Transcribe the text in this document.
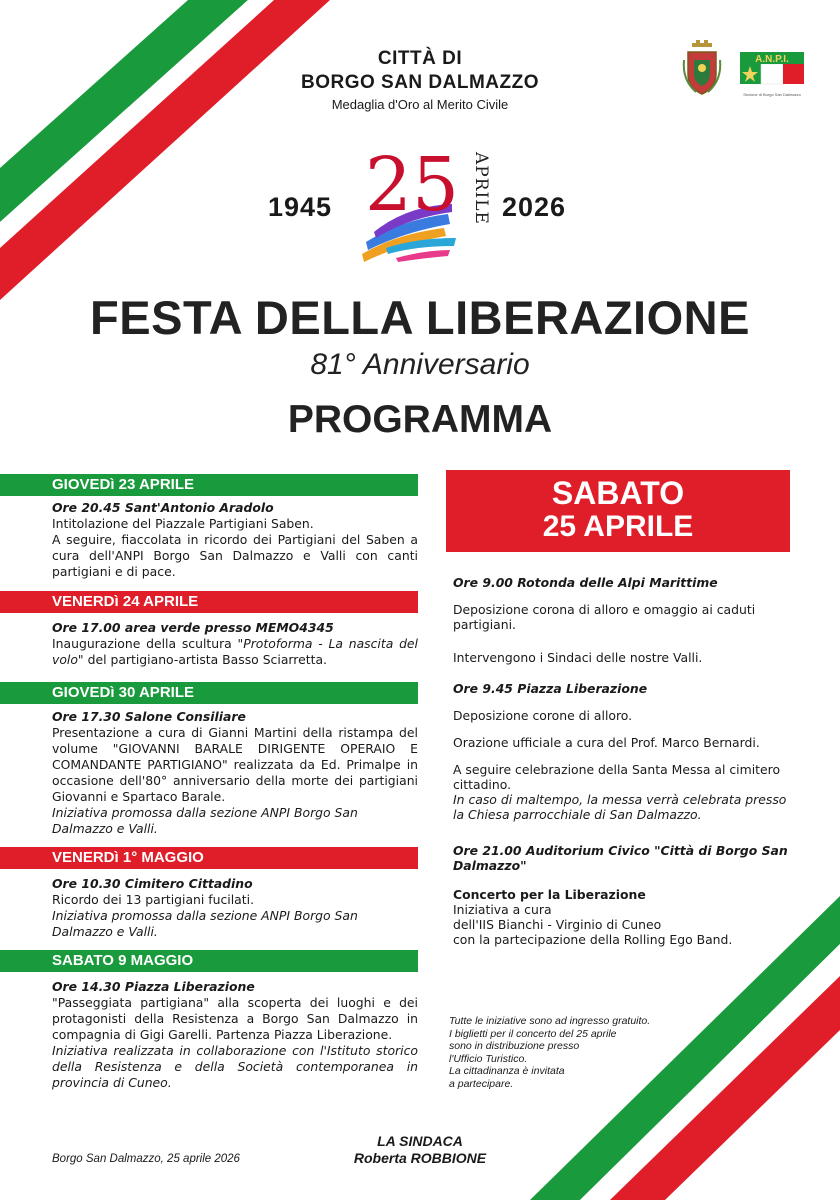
CITTÀ DI
BORGO SAN DALMAZZO
Medaglia d'Oro al Merito Civile
A.N.P.I.
Sezione di Borgo San Dalmazzo
1945	2026
25 APRILE
FESTA DELLA LIBERAZIONE
81° Anniversario
PROGRAMMA
GIOVEDì 23 APRILE
Ore 20.45 Sant'Antonio Aradolo
Intitolazione del Piazzale Partigiani Saben.
A seguire, fiaccolata in ricordo dei Partigiani del Saben a cura dell'ANPI Borgo San Dalmazzo e Valli con canti partigiani e di pace.
VENERDì 24 APRILE
Ore 17.00 area verde presso MEMO4345
Inaugurazione della scultura "Protoforma - La nascita del volo" del partigiano-artista Basso Sciarretta.
GIOVEDì 30 APRILE
Ore 17.30 Salone Consiliare
Presentazione a cura di Gianni Martini della ristampa del volume "GIOVANNI BARALE DIRIGENTE OPERAIO E COMANDANTE PARTIGIANO" realizzata da Ed. Primalpe in occasione dell'80° anniversario della morte dei partigiani Giovanni e Spartaco Barale.
Iniziativa promossa dalla sezione ANPI Borgo San Dalmazzo e Valli.
VENERDì 1° MAGGIO
Ore 10.30 Cimitero Cittadino
Ricordo dei 13 partigiani fucilati.
Iniziativa promossa dalla sezione ANPI Borgo San Dalmazzo e Valli.
SABATO 9 MAGGIO
Ore 14.30 Piazza Liberazione
"Passeggiata partigiana" alla scoperta dei luoghi e dei protagonisti della Resistenza a Borgo San Dalmazzo in compagnia di Gigi Garelli. Partenza Piazza Liberazione.
Iniziativa realizzata in collaborazione con l'Istituto storico della Resistenza e della Società contemporanea in provincia di Cuneo.
SABATO
25 APRILE
Ore 9.00 Rotonda delle Alpi Marittime
Deposizione corona di alloro e omaggio ai caduti partigiani.
Intervengono i Sindaci delle nostre Valli.
Ore 9.45 Piazza Liberazione
Deposizione corone di alloro.
Orazione ufficiale a cura del Prof. Marco Bernardi.
A seguire celebrazione della Santa Messa al cimitero cittadino.
In caso di maltempo, la messa verrà celebrata presso la Chiesa parrocchiale di San Dalmazzo.
Ore 21.00 Auditorium Civico "Città di Borgo San Dalmazzo"
Concerto per la Liberazione
Iniziativa a cura
dell'IIS Bianchi - Virginio di Cuneo
con la partecipazione della Rolling Ego Band.
Tutte le iniziative sono ad ingresso gratuito.
I biglietti per il concerto del 25 aprile
sono in distribuzione presso
l'Ufficio Turistico.
La cittadinanza è invitata
a partecipare.
Borgo San Dalmazzo, 25 aprile 2026
LA SINDACA
Roberta ROBBIONE
